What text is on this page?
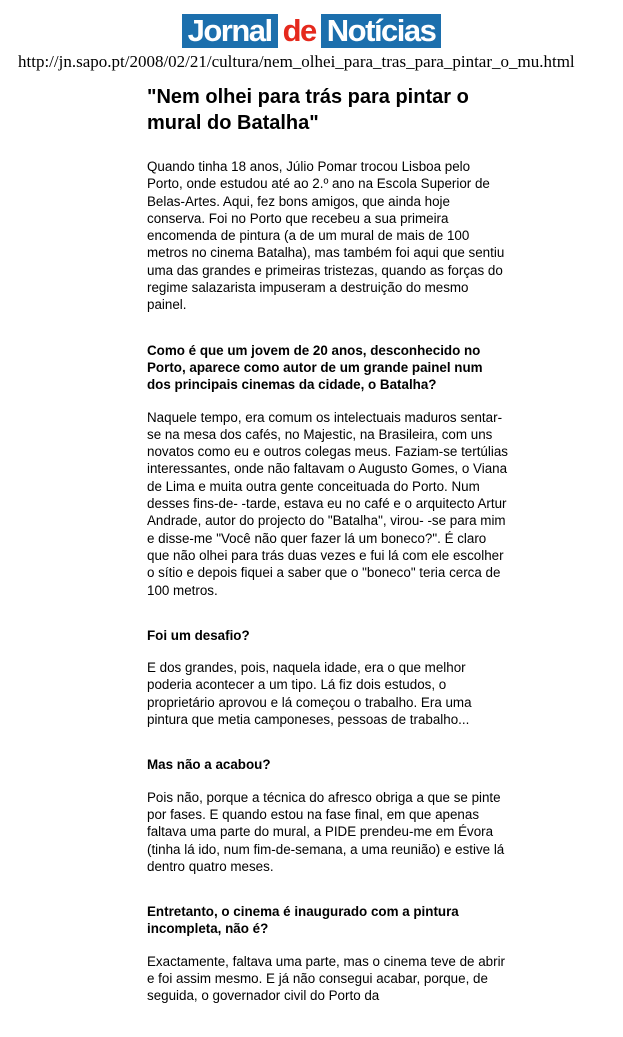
Jornal de Notícias
http://jn.sapo.pt/2008/02/21/cultura/nem_olhei_para_tras_para_pintar_o_mu.html
"Nem olhei para trás para pintar o mural do Batalha"

Quando tinha 18 anos, Júlio Pomar trocou Lisboa pelo Porto, onde estudou até ao 2.º ano na Escola Superior de Belas-Artes. Aqui, fez bons amigos, que ainda hoje conserva. Foi no Porto que recebeu a sua primeira encomenda de pintura (a de um mural de mais de 100 metros no cinema Batalha), mas também foi aqui que sentiu uma das grandes e primeiras tristezas, quando as forças do regime salazarista impuseram a destruição do mesmo painel.

Como é que um jovem de 20 anos, desconhecido no Porto, aparece como autor de um grande painel num dos principais cinemas da cidade, o Batalha?

Naquele tempo, era comum os intelectuais maduros sentar-se na mesa dos cafés, no Majestic, na Brasileira, com uns novatos como eu e outros colegas meus. Faziam-se tertúlias interessantes, onde não faltavam o Augusto Gomes, o Viana de Lima e muita outra gente conceituada do Porto. Num desses fins-de- -tarde, estava eu no café e o arquitecto Artur Andrade, autor do projecto do "Batalha", virou- -se para mim e disse-me "Você não quer fazer lá um boneco?". É claro que não olhei para trás duas vezes e fui lá com ele escolher o sítio e depois fiquei a saber que o "boneco" teria cerca de 100 metros.

Foi um desafio?

E dos grandes, pois, naquela idade, era o que melhor poderia acontecer a um tipo. Lá fiz dois estudos, o proprietário aprovou e lá começou o trabalho. Era uma pintura que metia camponeses, pessoas de trabalho...

Mas não a acabou?

Pois não, porque a técnica do afresco obriga a que se pinte por fases. E quando estou na fase final, em que apenas faltava uma parte do mural, a PIDE prendeu-me em Évora (tinha lá ido, num fim-de-semana, a uma reunião) e estive lá dentro quatro meses.

Entretanto, o cinema é inaugurado com a pintura incompleta, não é?

Exactamente, faltava uma parte, mas o cinema teve de abrir e foi assim mesmo. E já não consegui acabar, porque, de seguida, o governador civil do Porto da
